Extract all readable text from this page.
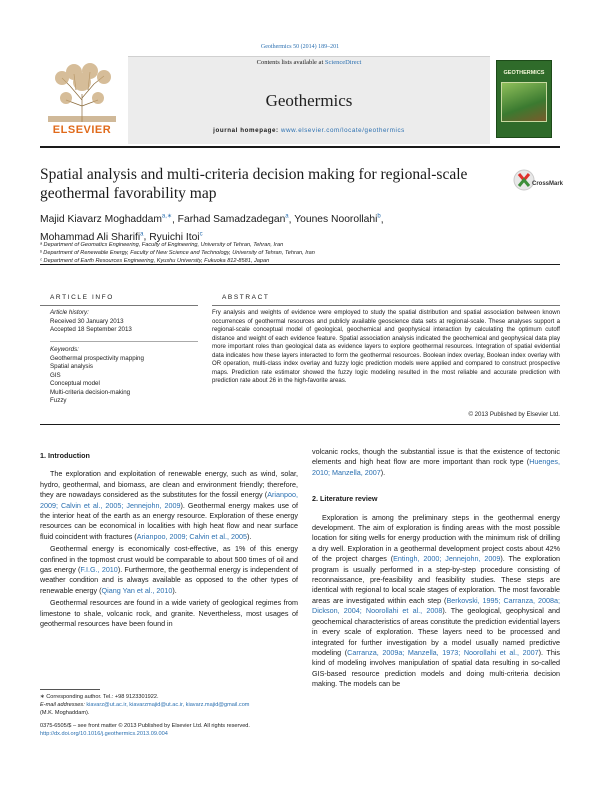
Geothermics 50 (2014) 189–201
ELSEVIER
Contents lists available at ScienceDirect
Geothermics
journal homepage: www.elsevier.com/locate/geothermics
GEOTHERMICS
Spatial analysis and multi-criteria decision making for regional-scale geothermal favorability map
CrossMark
Majid Kiavarz Moghaddam$^{a,∗}$, Farhad Samadzadegan$^a$, Younes Noorollahi$^b$,
Mohammad Ali Sharifi$^a$, Ryuichi Itoi$^c$
ᵃ Department of Geomatics Engineering, Faculty of Engineering, University of Tehran, Tehran, Iran
ᵇ Department of Renewable Energy, Faculty of New Science and Technology, University of Tehran, Tehran, Iran
ᶜ Department of Earth Resources Engineering, Kyushu University, Fukuoka 812-8581, Japan
ARTICLE INFO
Article history:
Received 30 January 2013
Accepted 18 September 2013
Keywords:
Geothermal prospectivity mapping
Spatial analysis
GIS
Conceptual model
Multi-criteria decision-making
Fuzzy
ABSTRACT
Fry analysis and weights of evidence were employed to study the spatial distribution and spatial association between known occurrences of geothermal resources and publicly available geoscience data sets at regional-scale. These analyses support a regional-scale conceptual model of geological, geochemical and geophysical interaction by calculating the optimum cutoff distance and weight of each evidence feature. Spatial association analysis indicated the geochemical and geophysical data play more important roles than geological data as evidence layers to explore geothermal resources. Integration of spatial evidential data indicates how these layers interacted to form the geothermal resources. Boolean index overlay, Boolean index overlay with OR operation, multi-class index overlay and fuzzy logic prediction models were applied and compared to construct prospective maps. Prediction rate estimator showed the fuzzy logic modeling resulted in the most reliable and accurate prediction with prediction rate about 26 in the high-favorite areas.
© 2013 Published by Elsevier Ltd.
1. Introduction

The exploration and exploitation of renewable energy, such as wind, solar, hydro, geothermal, and biomass, are clean and environment friendly; therefore, they are nowadays considered as the substitutes for the fossil energy (Arianpoo, 2009; Calvin et al., 2005; Jennejohn, 2009). Geothermal energy makes use of the interior heat of the earth as an energy resource. Exploration of these energy resources can be economical in localities with high heat flow and near surface fluid coincident with fractures (Arianpoo, 2009; Calvin et al., 2005).

Geothermal energy is economically cost-effective, as 1% of this energy confined in the topmost crust would be comparable to about 500 times of oil and gas energy (F.I.G., 2010). Furthermore, the geothermal energy is independent of weather condition and is always available as opposed to the other types of renewable energy (Qiang Yan et al., 2010).

Geothermal resources are found in a wide variety of geological regimes from limestone to shale, volcanic rock, and granite. Nevertheless, most usages of geothermal resources have been found in

volcanic rocks, though the substantial issue is that the existence of tectonic elements and high heat flow are more important than rock type (Huenges, 2010; Manzella, 2007).

2. Literature review

Exploration is among the preliminary steps in the geothermal energy development. The aim of exploration is finding areas with the most possible location for siting wells for energy production with the minimum risk of drilling a dry well. Exploration in a geothermal development project costs about 42% of the project charges (Entingh, 2000; Jennejohn, 2009). The exploration program is usually performed in a step-by-step procedure consisting of reconnaissance, pre-feasibility and feasibility studies. These steps are identical with regional to local scale stages of exploration. The most favorable areas are investigated within each step (Berkovski, 1995; Carranza, 2008a; Dickson, 2004; Noorollahi et al., 2008). The geological, geophysical and geochemical characteristics of areas constitute the prediction evidential layers in every scale of exploration. These layers need to be processed and integrated for further investigation by a model usually named predictive modeling (Carranza, 2009a; Manzella, 1973; Noorollahi et al., 2007). This kind of modeling involves manipulation of spatial data resulting in so-called GIS-based resource prediction models and doing multi-criteria decision making. The models can be

∗ Corresponding author. Tel.: +98 9123301922.
E-mail addresses: kiavarz@ut.ac.ir, kiavarzmajid@ut.ac.ir, kiavarz.majid@gmail.com
(M.K. Moghaddam).
0375-6505/$ – see front matter © 2013 Published by Elsevier Ltd. All rights reserved.
http://dx.doi.org/10.1016/j.geothermics.2013.09.004
